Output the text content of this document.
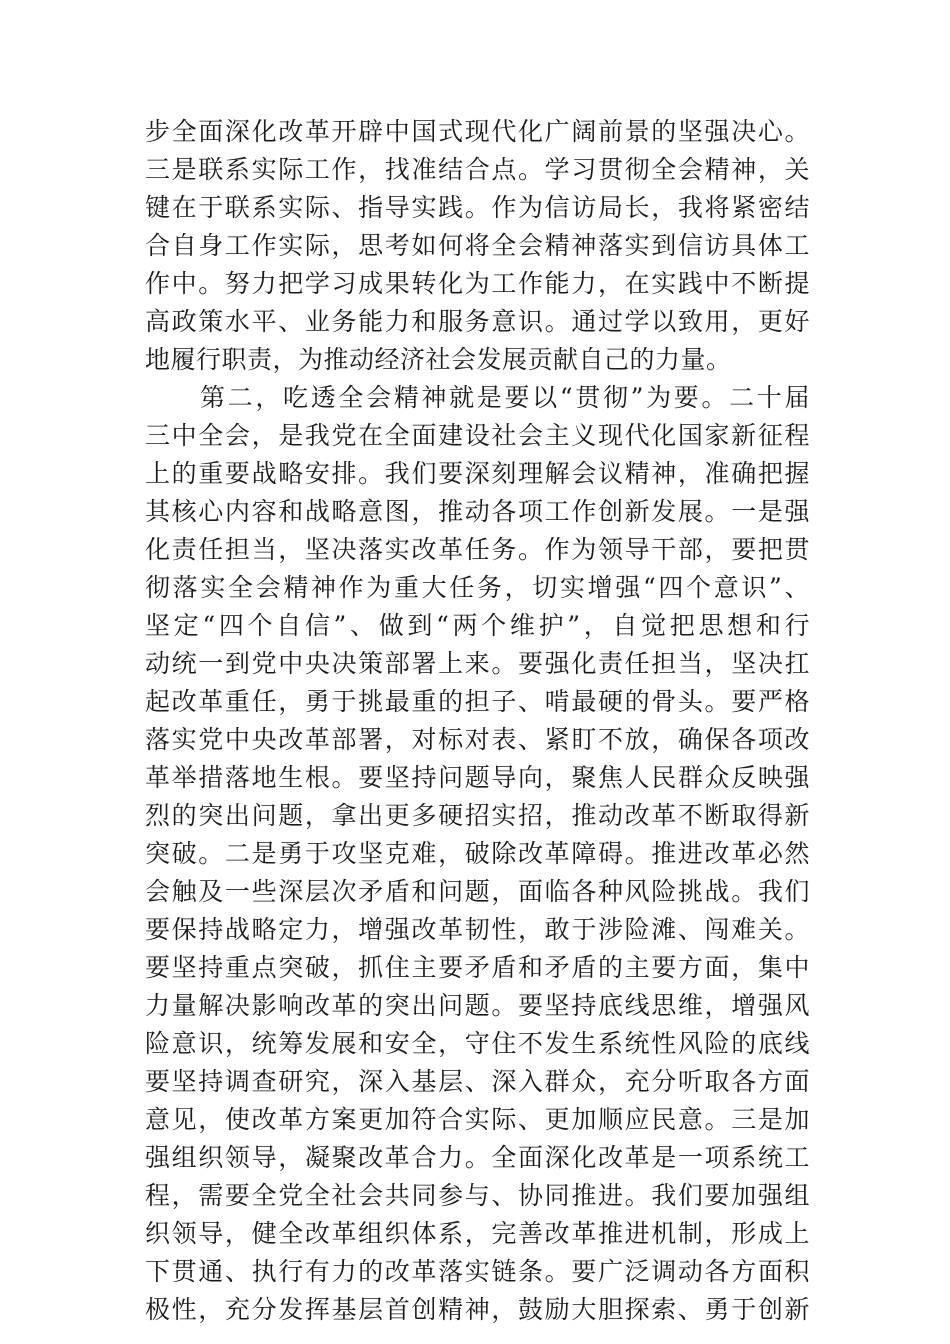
步全面深化改革开辟中国式现代化广阔前景的坚强决心。
三是联系实际工作，找准结合点。学习贯彻全会精神，关
键在于联系实际、指导实践。作为信访局长，我将紧密结
合自身工作实际，思考如何将全会精神落实到信访具体工
作中。努力把学习成果转化为工作能力，在实践中不断提
高政策水平、业务能力和服务意识。通过学以致用，更好
地履行职责，为推动经济社会发展贡献自己的力量。
第二，吃透全会精神就是要以“贯彻”为要。二十届
三中全会，是我党在全面建设社会主义现代化国家新征程
上的重要战略安排。我们要深刻理解会议精神，准确把握
其核心内容和战略意图，推动各项工作创新发展。一是强
化责任担当，坚决落实改革任务。作为领导干部，要把贯
彻落实全会精神作为重大任务，切实增强“四个意识”、
坚定“四个自信”、做到“两个维护”，自觉把思想和行
动统一到党中央决策部署上来。要强化责任担当，坚决扛
起改革重任，勇于挑最重的担子、啃最硬的骨头。要严格
落实党中央改革部署，对标对表、紧盯不放，确保各项改
革举措落地生根。要坚持问题导向，聚焦人民群众反映强
烈的突出问题，拿出更多硬招实招，推动改革不断取得新
突破。二是勇于攻坚克难，破除改革障碍。推进改革必然
会触及一些深层次矛盾和问题，面临各种风险挑战。我们
要保持战略定力，增强改革韧性，敢于涉险滩、闯难关。
要坚持重点突破，抓住主要矛盾和矛盾的主要方面，集中
力量解决影响改革的突出问题。要坚持底线思维，增强风
险意识，统筹发展和安全，守住不发生系统性风险的底线
要坚持调查研究，深入基层、深入群众，充分听取各方面
意见，使改革方案更加符合实际、更加顺应民意。三是加
强组织领导，凝聚改革合力。全面深化改革是一项系统工
程，需要全党全社会共同参与、协同推进。我们要加强组
织领导，健全改革组织体系，完善改革推进机制，形成上
下贯通、执行有力的改革落实链条。要广泛调动各方面积
极性，充分发挥基层首创精神，鼓励大胆探索、勇于创新
